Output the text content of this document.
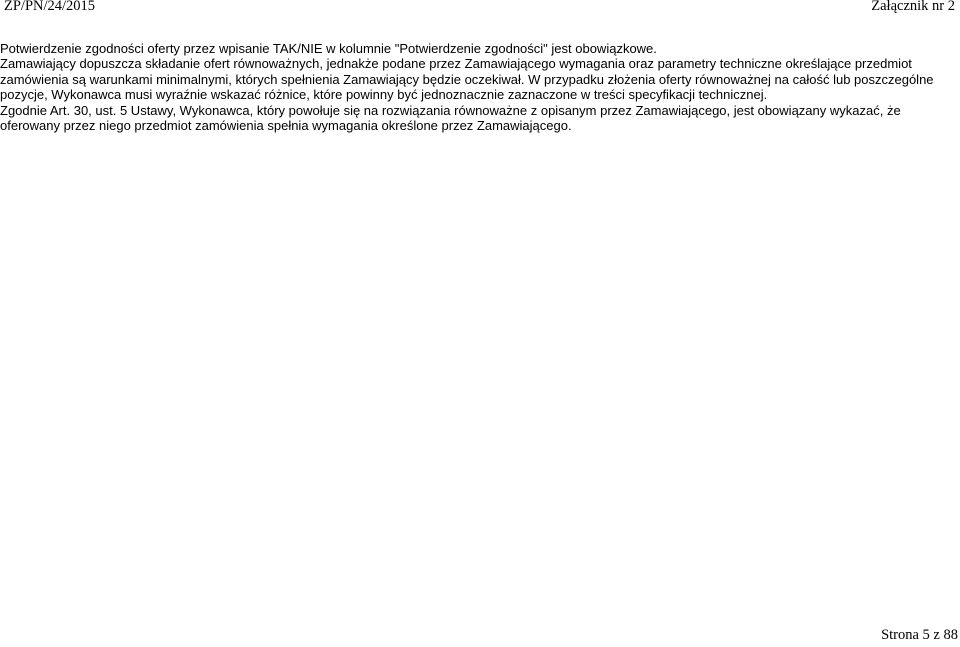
ZP/PN/24/2015	Załącznik nr 2
Potwierdzenie zgodności oferty przez wpisanie TAK/NIE w kolumnie "Potwierdzenie zgodności" jest obowiązkowe.
Zamawiający dopuszcza składanie ofert równoważnych, jednakże podane przez Zamawiającego wymagania oraz parametry techniczne określające przedmiot
zamówienia są warunkami minimalnymi, których spełnienia Zamawiający będzie oczekiwał. W przypadku złożenia oferty równoważnej na całość lub poszczególne
pozycje, Wykonawca musi wyraźnie wskazać różnice, które powinny być jednoznacznie zaznaczone w treści specyfikacji technicznej.
Zgodnie Art. 30, ust. 5 Ustawy, Wykonawca, który powołuje się na rozwiązania równoważne z opisanym przez Zamawiającego, jest obowiązany wykazać, że
oferowany przez niego przedmiot zamówienia spełnia wymagania określone przez Zamawiającego.
Strona 5 z 88
